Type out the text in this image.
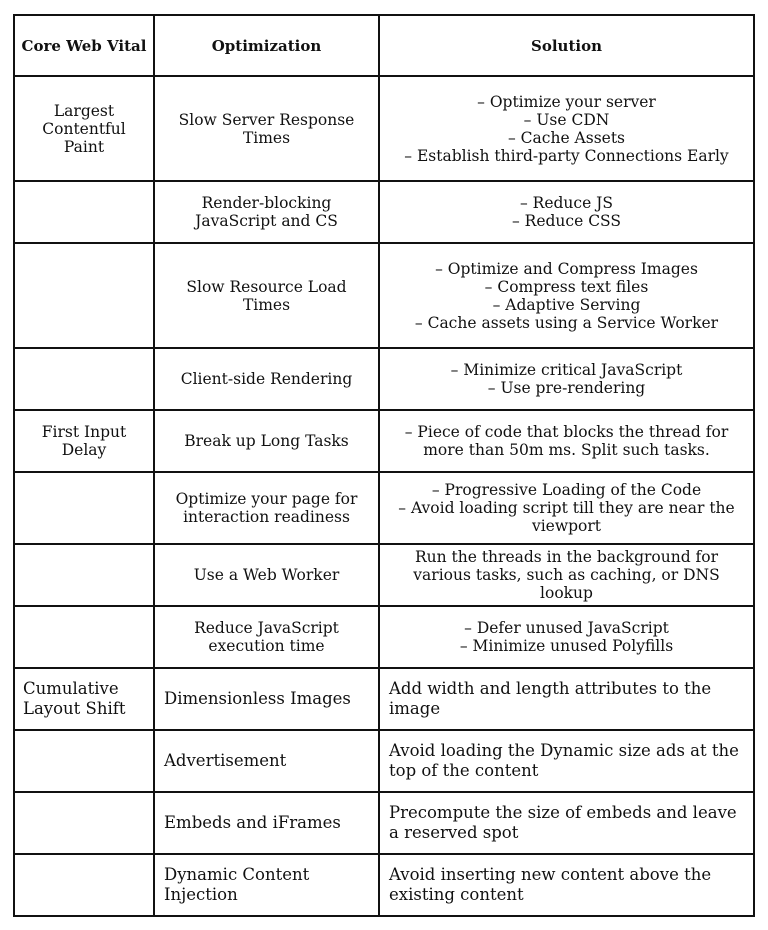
Core Web Vital	Optimization	Solution
Largest Contentful Paint	Slow Server Response Times	– Optimize your server
– Use CDN
– Cache Assets
– Establish third-party Connections Early

	Render-blocking JavaScript and CS	– Reduce JS
– Reduce CSS

	Slow Resource Load Times	– Optimize and Compress Images
– Compress text files
– Adaptive Serving
– Cache assets using a Service Worker

	Client-side Rendering	– Minimize critical JavaScript
– Use pre-rendering

First Input Delay	Break up Long Tasks	– Piece of code that blocks the thread for more than 50m ms. Split such tasks.

	Optimize your page for interaction readiness	– Progressive Loading of the Code
– Avoid loading script till they are near the viewport

	Use a Web Worker	Run the threads in the background for various tasks, such as caching, or DNS lookup

	Reduce JavaScript execution time	– Defer unused JavaScript
– Minimize unused Polyfills

Cumulative Layout Shift	Dimensionless Images	Add width and length attributes to the image

	Advertisement	Avoid loading the Dynamic size ads at the top of the content

	Embeds and iFrames	Precompute the size of embeds and leave a reserved spot

	Dynamic Content Injection	Avoid inserting new content above the existing content
